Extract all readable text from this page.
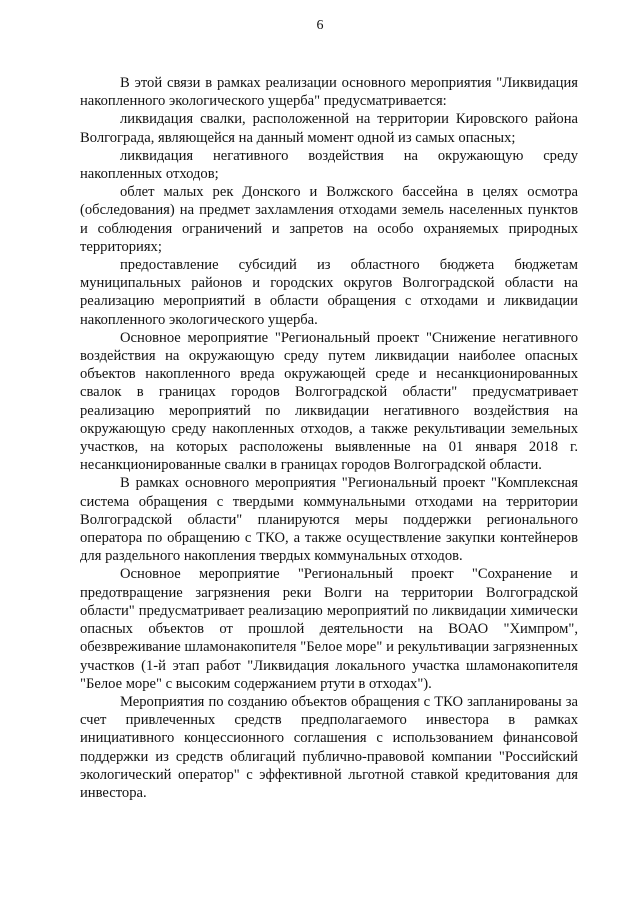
6

В этой связи в рамках реализации основного мероприятия "Ликвидация накопленного экологического ущерба" предусматривается:

ликвидация свалки, расположенной на территории Кировского района Волгограда, являющейся на данный момент одной из самых опасных;

ликвидация негативного воздействия на окружающую среду накопленных отходов;

облет малых рек Донского и Волжского бассейна в целях осмотра (обследования) на предмет захламления отходами земель населенных пунктов и соблюдения ограничений и запретов на особо охраняемых природных территориях;

предоставление субсидий из областного бюджета бюджетам муниципальных районов и городских округов Волгоградской области на реализацию мероприятий в области обращения с отходами и ликвидации накопленного экологического ущерба.

Основное мероприятие "Региональный проект "Снижение негативного воздействия на окружающую среду путем ликвидации наиболее опасных объектов накопленного вреда окружающей среде и несанкционированных свалок в границах городов Волгоградской области" предусматривает реализацию мероприятий по ликвидации негативного воздействия на окружающую среду накопленных отходов, а также рекультивации земельных участков, на которых расположены выявленные на 01 января 2018 г. несанкционированные свалки в границах городов Волгоградской области.

В рамках основного мероприятия "Региональный проект "Комплексная система обращения с твердыми коммунальными отходами на территории Волгоградской области" планируются меры поддержки регионального оператора по обращению с ТКО, а также осуществление закупки контейнеров для раздельного накопления твердых коммунальных отходов.

Основное мероприятие "Региональный проект "Сохранение и предотвращение загрязнения реки Волги на территории Волгоградской области" предусматривает реализацию мероприятий по ликвидации химически опасных объектов от прошлой деятельности на ВОАО "Химпром", обезвреживание шламонакопителя "Белое море" и рекультивации загрязненных участков (1-й этап работ "Ликвидация локального участка шламонакопителя "Белое море" с высоким содержанием ртути в отходах").

Мероприятия по созданию объектов обращения с ТКО запланированы за счет привлеченных средств предполагаемого инвестора в рамках инициативного концессионного соглашения с использованием финансовой поддержки из средств облигаций публично-правовой компании "Российский экологический оператор" с эффективной льготной ставкой кредитования для инвестора.
